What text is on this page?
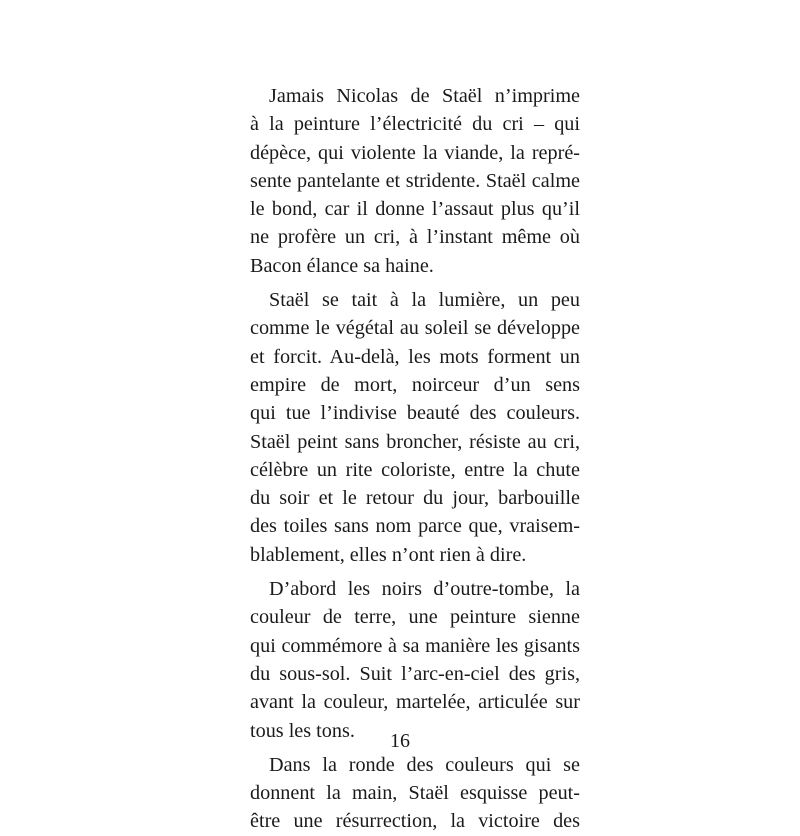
Jamais Nicolas de Staël n’imprime
à la peinture l’électricité du cri – qui
dépèce, qui violente la viande, la repré-
sente pantelante et stridente. Staël calme
le bond, car il donne l’assaut plus qu’il
ne profère un cri, à l’instant même où
Bacon élance sa haine.
Staël se tait à la lumière, un peu
comme le végétal au soleil se développe
et forcit. Au-delà, les mots forment un
empire de mort, noirceur d’un sens
qui tue l’indivise beauté des couleurs.
Staël peint sans broncher, résiste au cri,
célèbre un rite coloriste, entre la chute
du soir et le retour du jour, barbouille
des toiles sans nom parce que, vraisem-
blablement, elles n’ont rien à dire.
D’abord les noirs d’outre-tombe, la
couleur de terre, une peinture sienne
qui commémore à sa manière les gisants
du sous-sol. Suit l’arc-en-ciel des gris,
avant la couleur, martelée, articulée sur
tous les tons.
Dans la ronde des couleurs qui se
donnent la main, Staël esquisse peut-
être une résurrection, la victoire des
16
